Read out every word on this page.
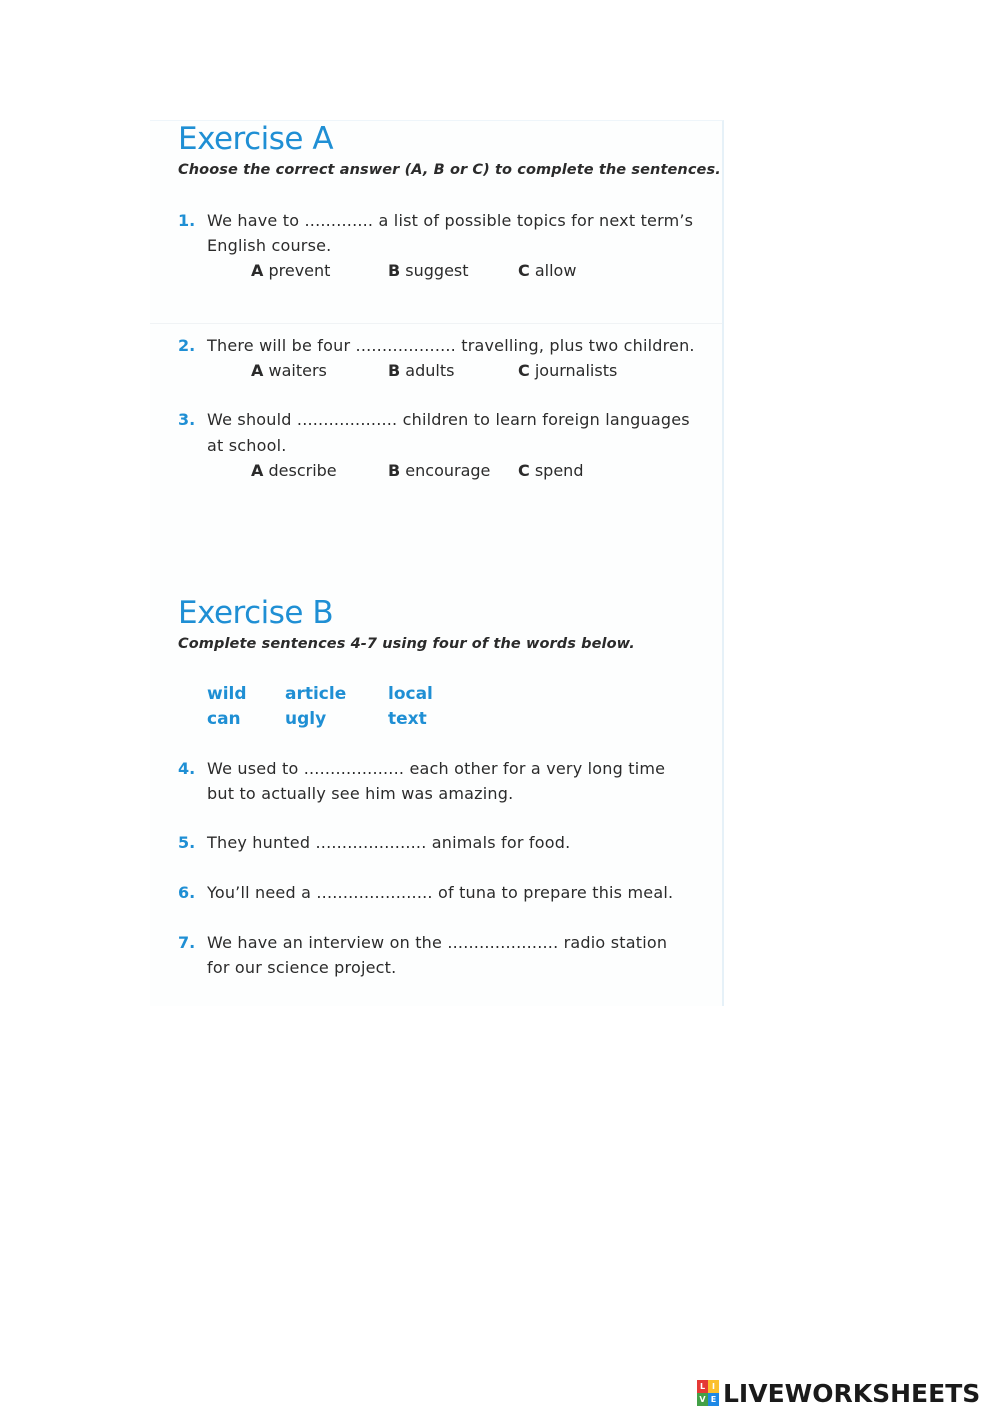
Exercise A
Choose the correct answer (A, B or C) to complete the sentences.
1. We have to ............. a list of possible topics for next term’s
English course.
A prevent	B suggest	C allow
2. There will be four ................... travelling, plus two children.
A waiters	B adults	C journalists
3. We should ................... children to learn foreign languages
at school.
A describe	B encourage C spend
Exercise B
Complete sentences 4-7 using four of the words below.
wild article local
can	ugly	text
4. We used to ................... each other for a very long time
but to actually see him was amazing.
5. They hunted ..................... animals for food.
6. You’ll need a ...................... of tuna to prepare this meal.
7. We have an interview on the ..................... radio station
for our science project.
L I
V E LIVEWORKSHEETS
